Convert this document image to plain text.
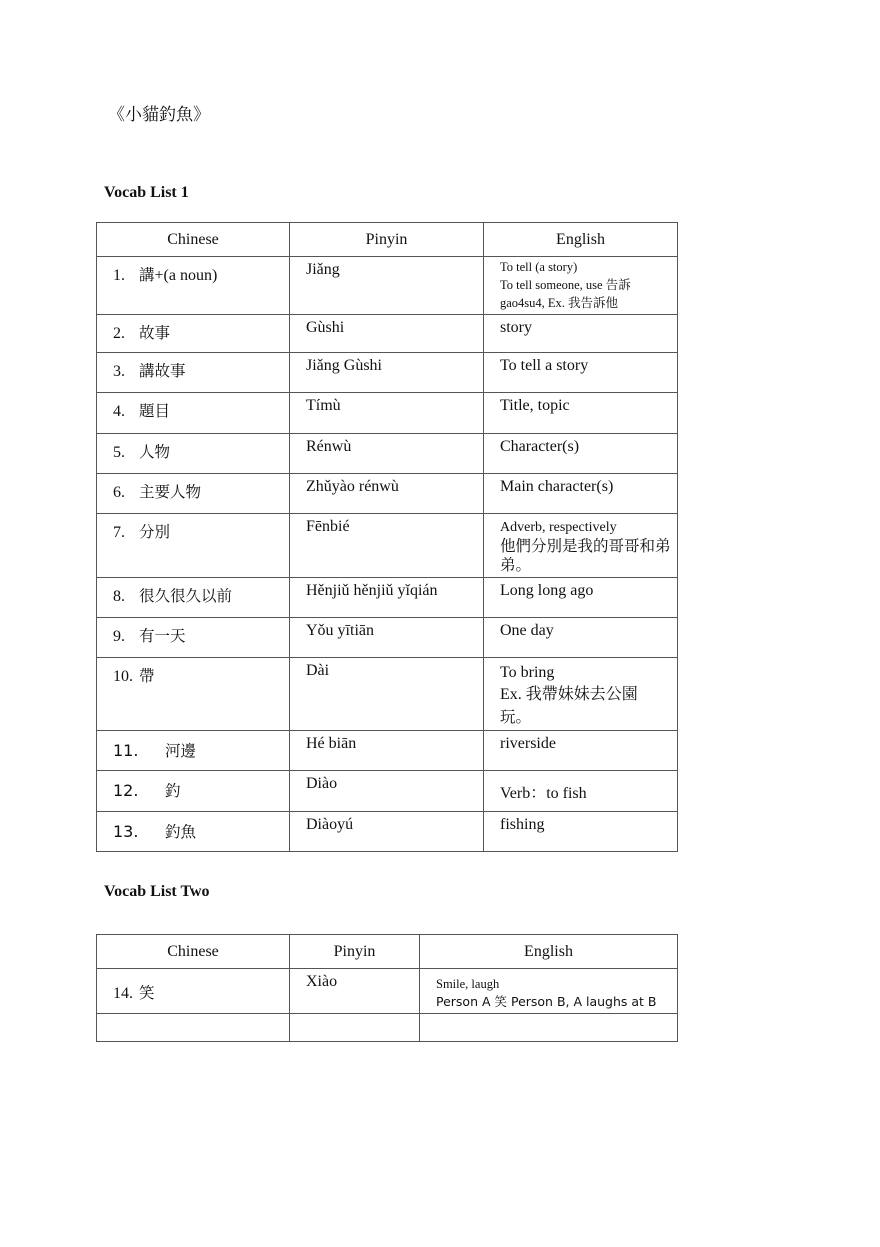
《小貓釣魚》
Vocab List 1
Chinese	Pinyin	English

1. 講+(a noun)	Jiǎng	To tell (a story)
To tell someone, use 告訴
gao4su4, Ex. 我告訴他

2. 故事	Gùshi	story

3. 講故事	Jiǎng Gùshi	To tell a story

4. 題目	Tímù	Title, topic

5. 人物	Rénwù	Character(s)

6. 主要人物	Zhǔyào rénwù	Main character(s)

7. 分別	Fēnbié	Adverb, respectively
他們分別是我的哥哥和弟
弟。

8. 很久很久以前	Hěnjiǔ hěnjiǔ yǐqián	Long long ago

9. 有一天	Yǒu yītiān	One day

10. 帶	Dài	To bring
Ex. 我帶妹妹去公園
玩。

11. 河邊	Hé biān	riverside

12. 釣	Diào	Verb：to fish

13. 釣魚	Diàoyú	fishing
Vocab List Two
Chinese	Pinyin	English

14. 笑	Xiào	Smile, laugh
Person A 笑 Person B, A laughs at B
